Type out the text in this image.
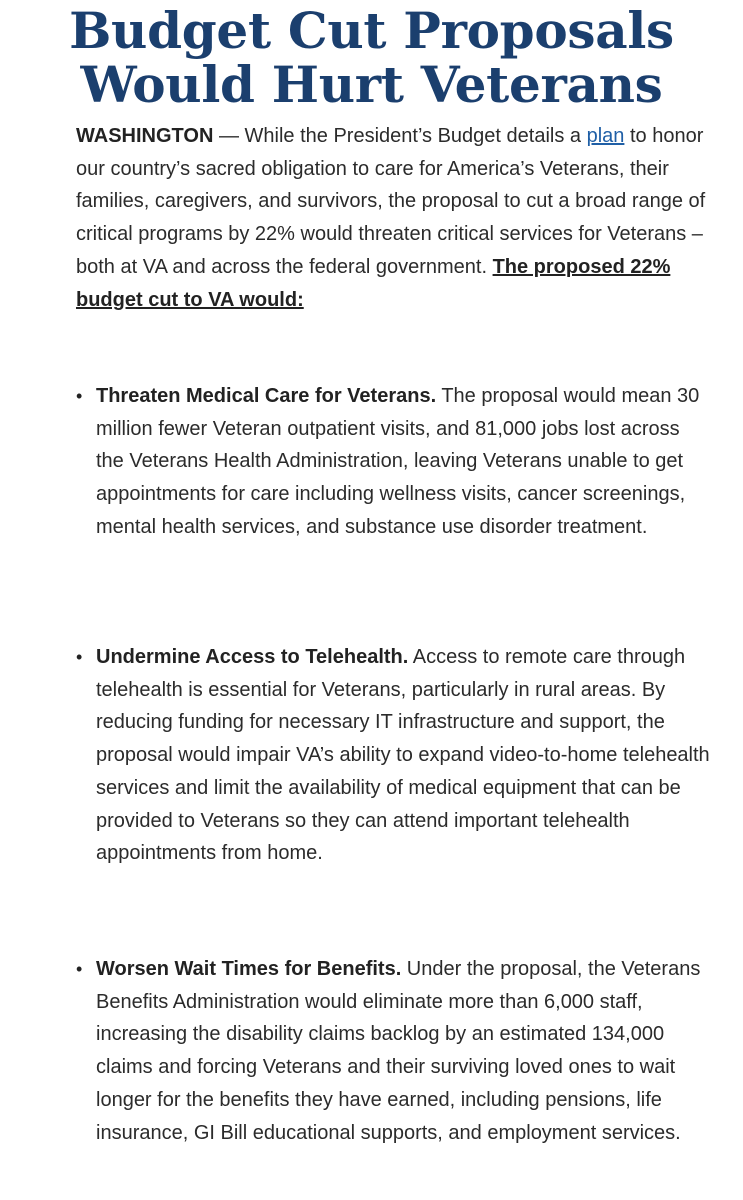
Budget Cut Proposals Would Hurt Veterans

WASHINGTON — While the President’s Budget details a plan to honor our country’s sacred obligation to care for America’s Veterans, their families, caregivers, and survivors, the proposal to cut a broad range of critical programs by 22% would threaten critical services for Veterans – both at VA and across the federal government. The proposed 22% budget cut to VA would:

• Threaten Medical Care for Veterans. The proposal would mean 30 million fewer Veteran outpatient visits, and 81,000 jobs lost across the Veterans Health Administration, leaving Veterans unable to get appointments for care including wellness visits, cancer screenings, mental health services, and substance use disorder treatment.
• Undermine Access to Telehealth. Access to remote care through telehealth is essential for Veterans, particularly in rural areas. By reducing funding for necessary IT infrastructure and support, the proposal would impair VA’s ability to expand video-to-home telehealth services and limit the availability of medical equipment that can be provided to Veterans so they can attend important telehealth appointments from home.
• Worsen Wait Times for Benefits. Under the proposal, the Veterans Benefits Administration would eliminate more than 6,000 staff, increasing the disability claims backlog by an estimated 134,000 claims and forcing Veterans and their surviving loved ones to wait longer for the benefits they have earned, including pensions, life insurance, GI Bill educational supports, and employment services.
